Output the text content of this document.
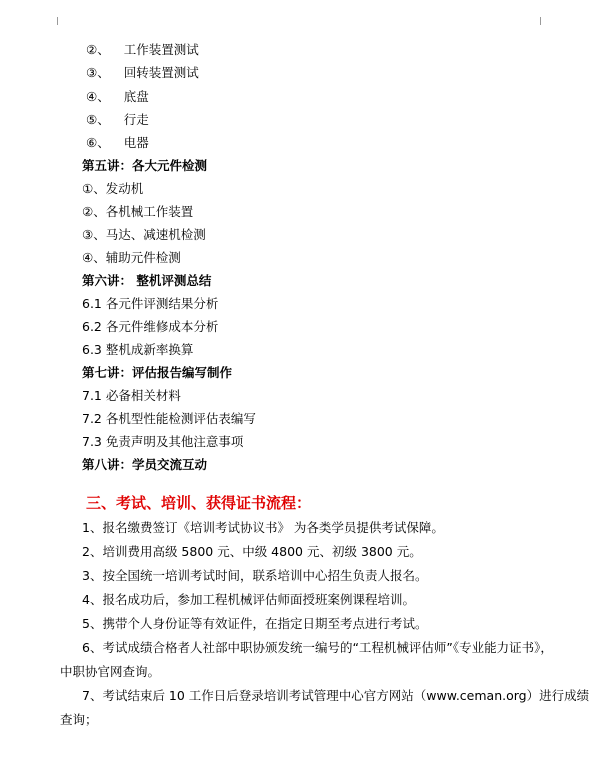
②、 工作装置测试
③、 回转装置测试
④、 底盘
⑤、 行走
⑥、 电器
第五讲：各大元件检测
①、发动机
②、各机械工作装置
③、马达、减速机检测
④、辅助元件检测
第六讲： 整机评测总结
6.1 各元件评测结果分析
6.2 各元件维修成本分析
6.3 整机成新率换算
第七讲：评估报告编写制作
7.1 必备相关材料
7.2 各机型性能检测评估表编写
7.3 免责声明及其他注意事项
第八讲：学员交流互动
三、考试、培训、获得证书流程：
1、报名缴费签订《培训考试协议书》 为各类学员提供考试保障。
2、培训费用高级 5800 元、中级 4800 元、初级 3800 元。
3、按全国统一培训考试时间，联系培训中心招生负责人报名。
4、报名成功后，参加工程机械评估师面授班案例课程培训。
5、携带个人身份证等有效证件，在指定日期至考点进行考试。
6、考试成绩合格者人社部中职协颁发统一编号的“工程机械评估师”《专业能力证书》，
中职协官网查询。
7、考试结束后 10 工作日后登录培训考试管理中心官方网站（www.ceman.org）进行成绩
查询；
